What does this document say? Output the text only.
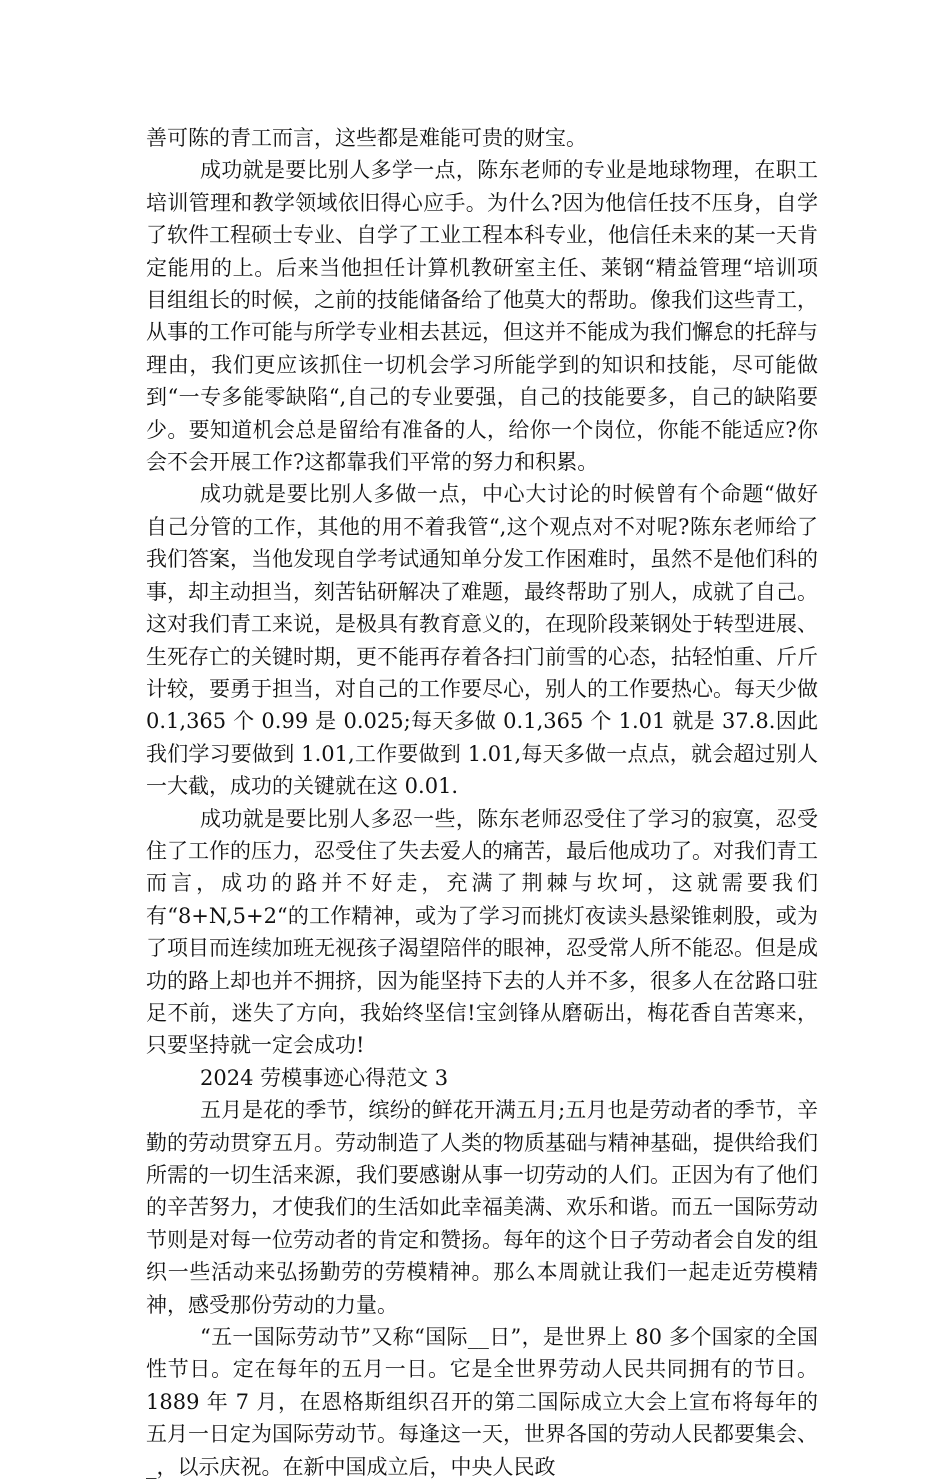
善可陈的青工而言，这些都是难能可贵的财宝。

成功就是要比别人多学一点，陈东老师的专业是地球物理，在职工培训管理和教学领域依旧得心应手。为什么?因为他信任技不压身，自学了软件工程硕士专业、自学了工业工程本科专业，他信任未来的某一天肯定能用的上。后来当他担任计算机教研室主任、莱钢“精益管理“培训项目组组长的时候，之前的技能储备给了他莫大的帮助。像我们这些青工，从事的工作可能与所学专业相去甚远，但这并不能成为我们懈怠的托辞与理由，我们更应该抓住一切机会学习所能学到的知识和技能，尽可能做到“一专多能零缺陷“,自己的专业要强，自己的技能要多，自己的缺陷要少。要知道机会总是留给有准备的人，给你一个岗位，你能不能适应?你会不会开展工作?这都靠我们平常的努力和积累。

成功就是要比别人多做一点，中心大讨论的时候曾有个命题“做好自己分管的工作，其他的用不着我管“,这个观点对不对呢?陈东老师给了我们答案，当他发现自学考试通知单分发工作困难时，虽然不是他们科的事，却主动担当，刻苦钻研解决了难题，最终帮助了别人，成就了自己。这对我们青工来说，是极具有教育意义的，在现阶段莱钢处于转型进展、生死存亡的关键时期，更不能再存着各扫门前雪的心态，拈轻怕重、斤斤计较，要勇于担当，对自己的工作要尽心，别人的工作要热心。每天少做 0.1,365 个 0.99 是 0.025;每天多做 0.1,365 个 1.01 就是 37.8.因此我们学习要做到 1.01,工作要做到 1.01,每天多做一点点，就会超过别人一大截，成功的关键就在这 0.01.

成功就是要比别人多忍一些，陈东老师忍受住了学习的寂寞，忍受住了工作的压力，忍受住了失去爱人的痛苦，最后他成功了。对我们青工而言，成功的路并不好走，充满了荆棘与坎坷，这就需要我们有“8+N,5+2“的工作精神，或为了学习而挑灯夜读头悬梁锥刺股，或为了项目而连续加班无视孩子渴望陪伴的眼神，忍受常人所不能忍。但是成功的路上却也并不拥挤，因为能坚持下去的人并不多，很多人在岔路口驻足不前，迷失了方向，我始终坚信!宝剑锋从磨砺出，梅花香自苦寒来，只要坚持就一定会成功!

2024 劳模事迹心得范文 3

五月是花的季节，缤纷的鲜花开满五月;五月也是劳动者的季节，辛勤的劳动贯穿五月。劳动制造了人类的物质基础与精神基础，提供给我们所需的一切生活来源，我们要感谢从事一切劳动的人们。正因为有了他们的辛苦努力，才使我们的生活如此幸福美满、欢乐和谐。而五一国际劳动节则是对每一位劳动者的肯定和赞扬。每年的这个日子劳动者会自发的组织一些活动来弘扬勤劳的劳模精神。那么本周就让我们一起走近劳模精神，感受那份劳动的力量。

“五一国际劳动节”又称“国际__日”，是世界上 80 多个国家的全国性节日。定在每年的五月一日。它是全世界劳动人民共同拥有的节日。1889 年 7 月，在恩格斯组织召开的第二国际成立大会上宣布将每年的五月一日定为国际劳动节。每逢这一天，世界各国的劳动人民都要集会、_，以示庆祝。在新中国成立后，中央人民政
